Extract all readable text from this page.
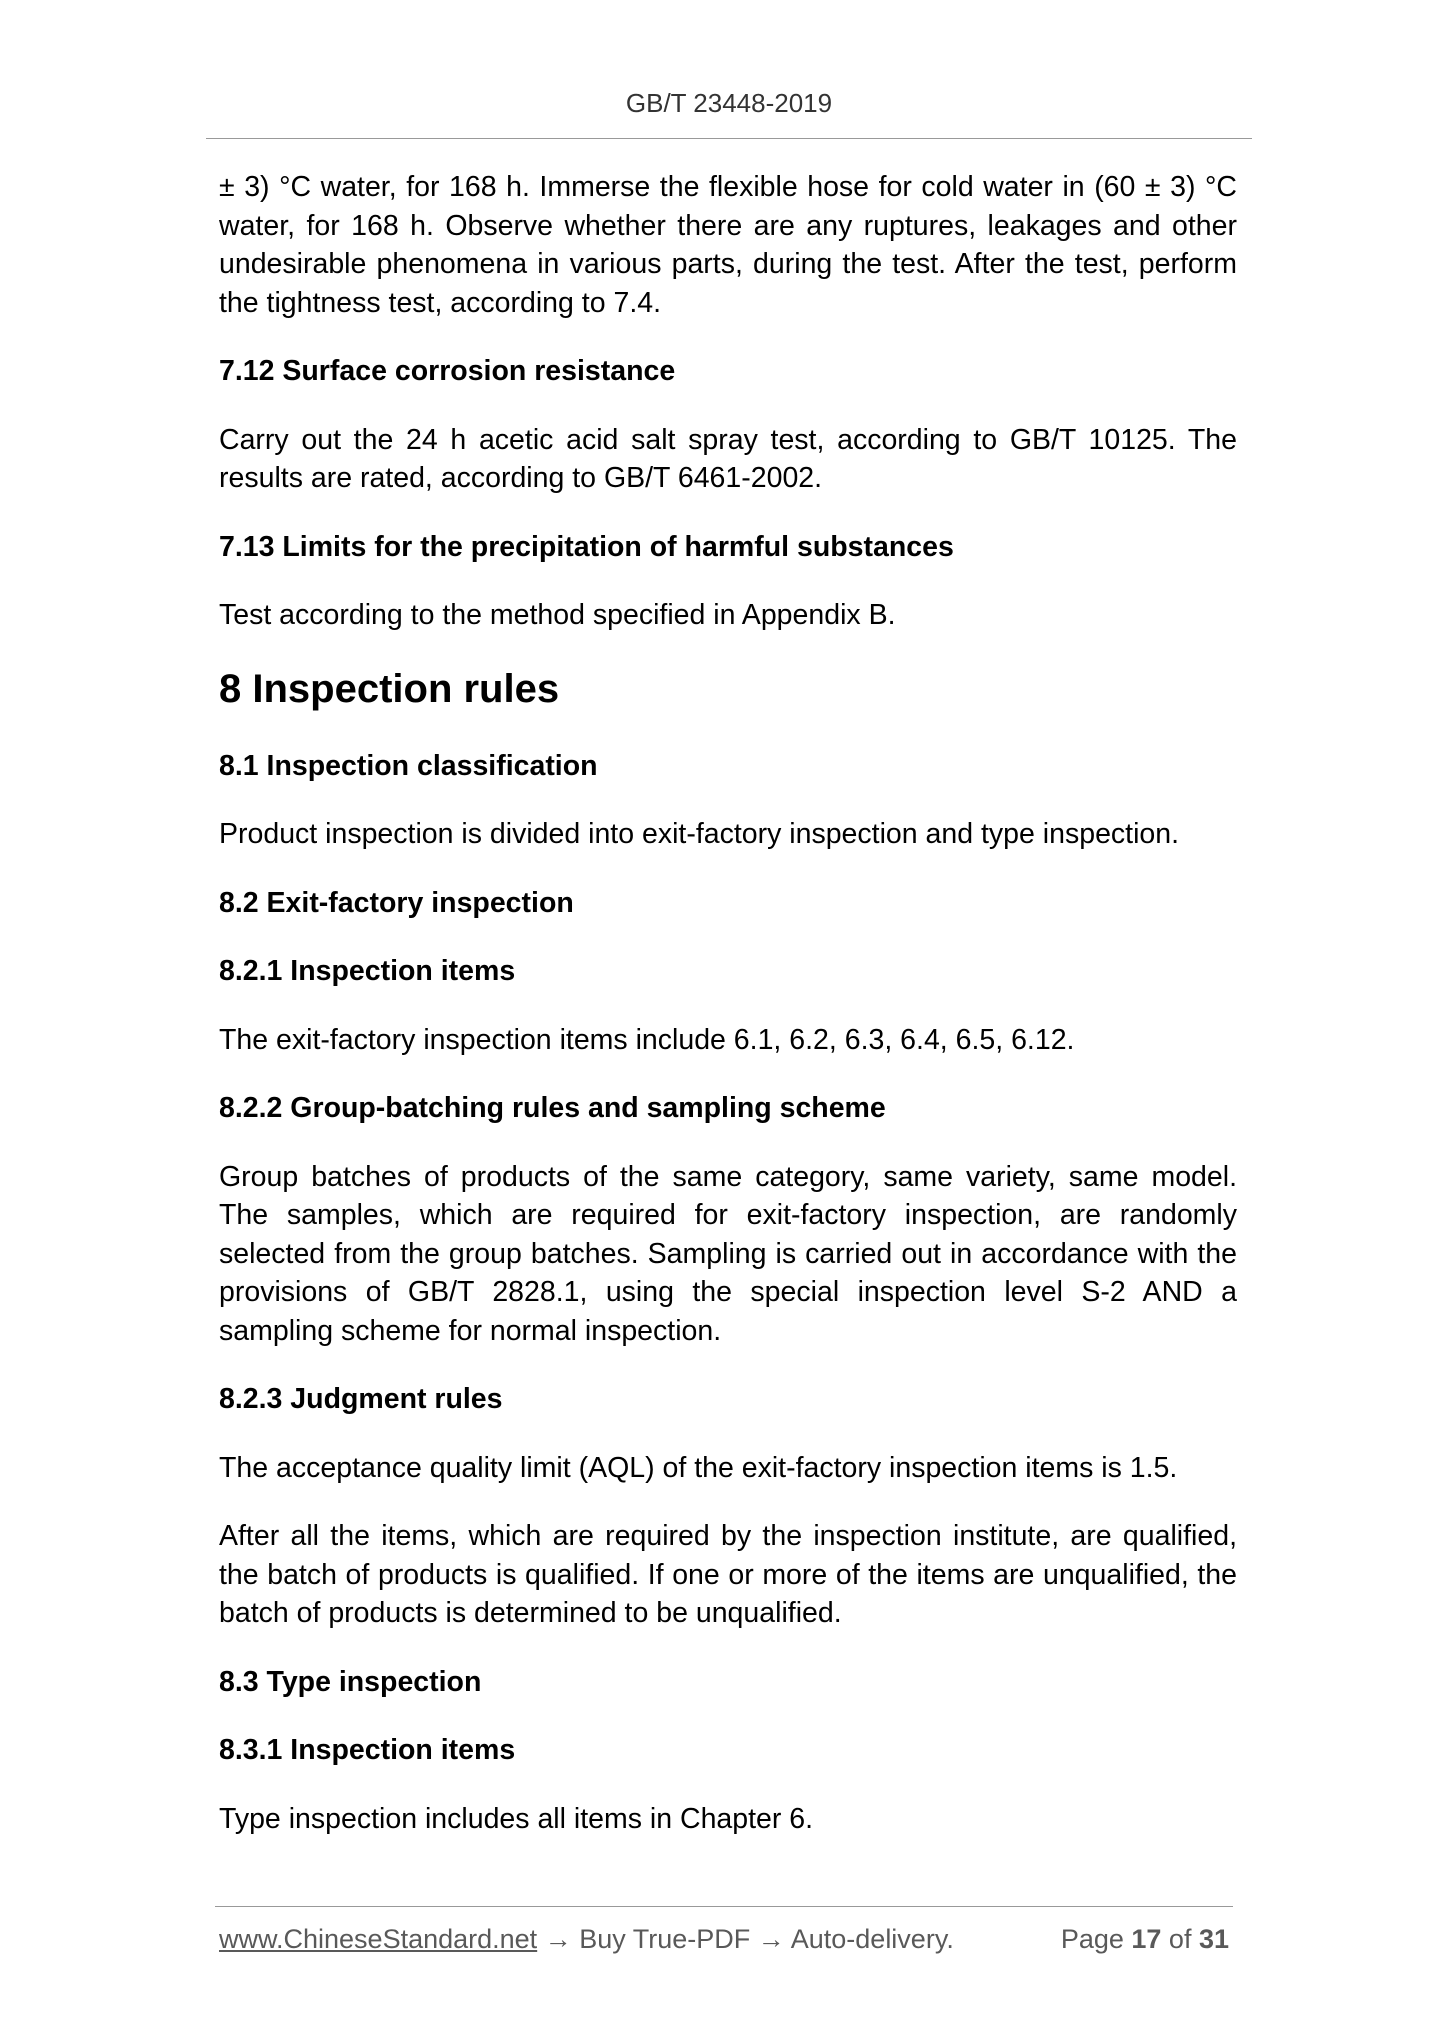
GB/T 23448-2019

± 3) °C water, for 168 h. Immerse the flexible hose for cold water in (60 ± 3) °C water, for 168 h. Observe whether there are any ruptures, leakages and other undesirable phenomena in various parts, during the test. After the test, perform the tightness test, according to 7.4.

7.12 Surface corrosion resistance

Carry out the 24 h acetic acid salt spray test, according to GB/T 10125. The results are rated, according to GB/T 6461-2002.

7.13 Limits for the precipitation of harmful substances

Test according to the method specified in Appendix B.

8 Inspection rules
8.1 Inspection classification

Product inspection is divided into exit-factory inspection and type inspection.

8.2 Exit-factory inspection
8.2.1 Inspection items

The exit-factory inspection items include 6.1, 6.2, 6.3, 6.4, 6.5, 6.12.

8.2.2 Group-batching rules and sampling scheme

Group batches of products of the same category, same variety, same model. The samples, which are required for exit-factory inspection, are randomly selected from the group batches. Sampling is carried out in accordance with the provisions of GB/T 2828.1, using the special inspection level S-2 AND a sampling scheme for normal inspection.

8.2.3 Judgment rules

The acceptance quality limit (AQL) of the exit-factory inspection items is 1.5.

After all the items, which are required by the inspection institute, are qualified, the batch of products is qualified. If one or more of the items are unqualified, the batch of products is determined to be unqualified.

8.3 Type inspection
8.3.1 Inspection items

Type inspection includes all items in Chapter 6.

www.ChineseStandard.net → Buy True-PDF → Auto-delivery.	Page 17 of 31
